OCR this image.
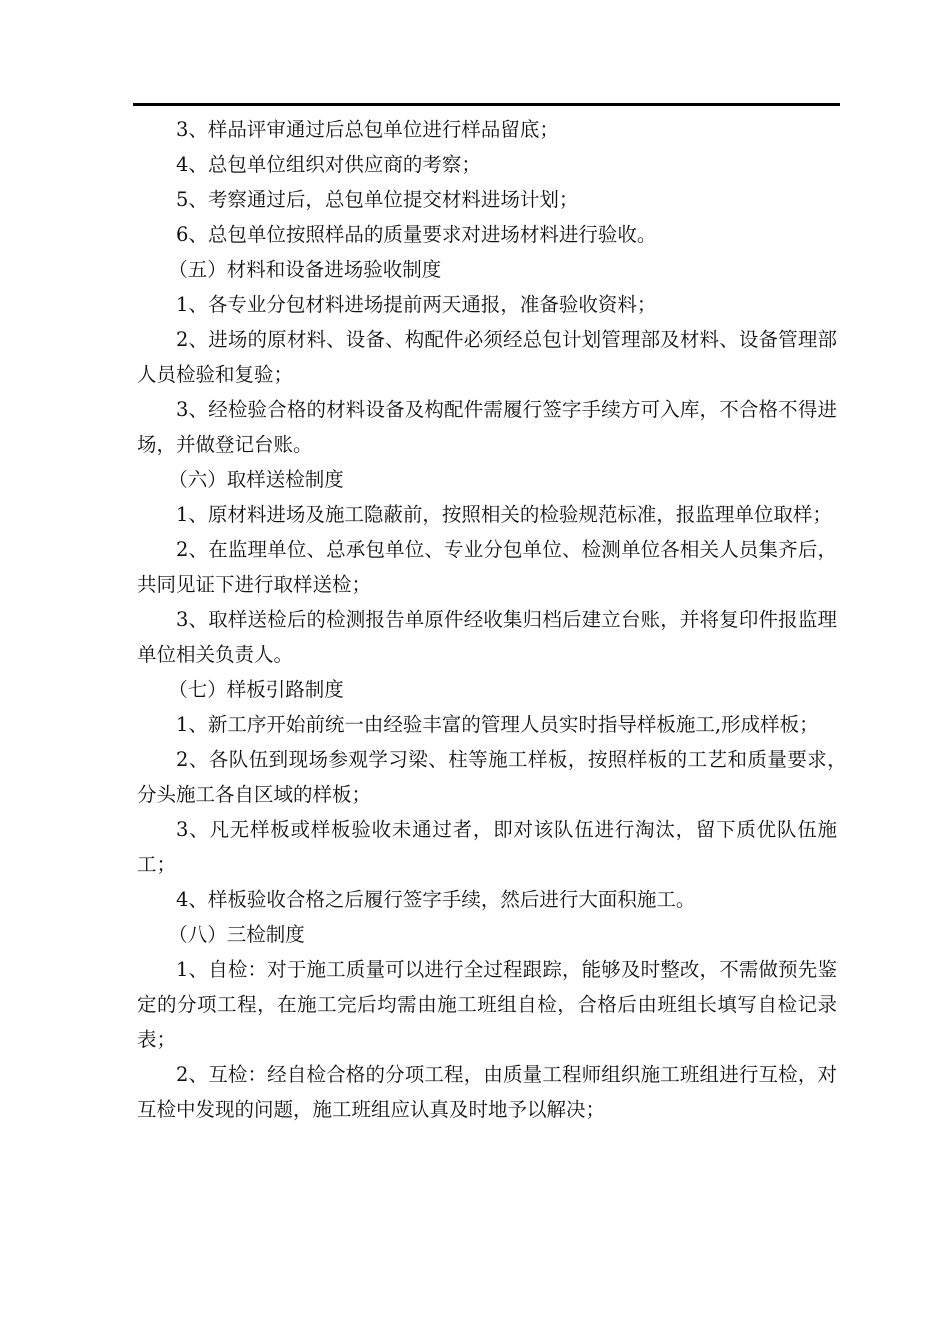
3、样品评审通过后总包单位进行样品留底；

4、总包单位组织对供应商的考察；

5、考察通过后，总包单位提交材料进场计划；

6、总包单位按照样品的质量要求对进场材料进行验收。

（五）材料和设备进场验收制度

1、各专业分包材料进场提前两天通报，准备验收资料；

2、进场的原材料、设备、构配件必须经总包计划管理部及材料、设备管理部人员检验和复验；

3、经检验合格的材料设备及构配件需履行签字手续方可入库，不合格不得进场，并做登记台账。

（六）取样送检制度

1、原材料进场及施工隐蔽前，按照相关的检验规范标准，报监理单位取样；

2、在监理单位、总承包单位、专业分包单位、检测单位各相关人员集齐后，共同见证下进行取样送检；

3、取样送检后的检测报告单原件经收集归档后建立台账，并将复印件报监理单位相关负责人。

（七）样板引路制度

1、新工序开始前统一由经验丰富的管理人员实时指导样板施工,形成样板；

2、各队伍到现场参观学习梁、柱等施工样板，按照样板的工艺和质量要求，　分头施工各自区域的样板；

3、凡无样板或样板验收未通过者，即对该队伍进行淘汰，留下质优队伍施工；

4、样板验收合格之后履行签字手续，然后进行大面积施工。

（八）三检制度

1、自检：对于施工质量可以进行全过程跟踪，能够及时整改，不需做预先鉴定的分项工程，在施工完后均需由施工班组自检，合格后由班组长填写自检记录表；

2、互检：经自检合格的分项工程，由质量工程师组织施工班组进行互检，对互检中发现的问题，施工班组应认真及时地予以解决；
